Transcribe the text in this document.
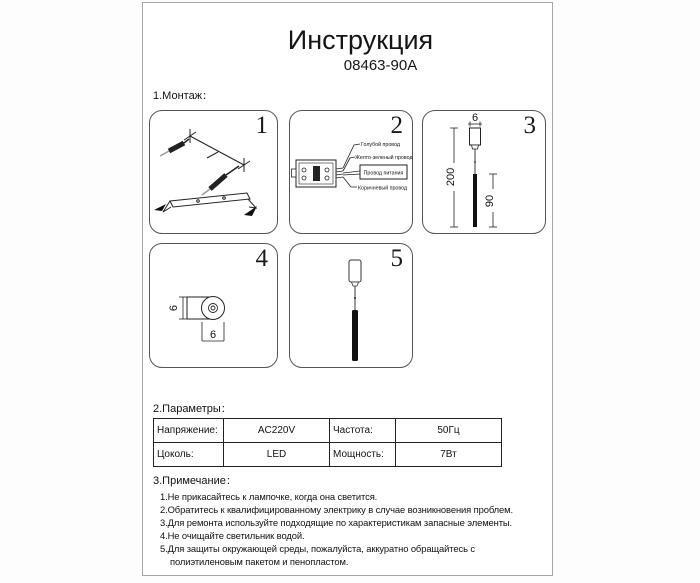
Инструкция
08463-90A
1.Монтаж：
1
Голубой провод
Желто-зеленый провод
Провод питания
Коричневый провод
2	6
200
90
3
6
6
4	5
2.Параметры：
Напряжение:	AC220V	Частота:	50Гц
Цоколь:	LED	Мощность:	7Вт
3.Примечание：
1.Не прикасайтесь к лампочке, когда она светится.
2.Обратитесь к квалифицированному электрику в случае возникновения проблем.
3.Для ремонта используйте подходящие по характеристикам запасные элементы.
4.Не очищайте светильник водой.
5.Для защиты окружающей среды, пожалуйста, аккуратно обращайтесь с полиэтиленовым пакетом и пенопластом.
